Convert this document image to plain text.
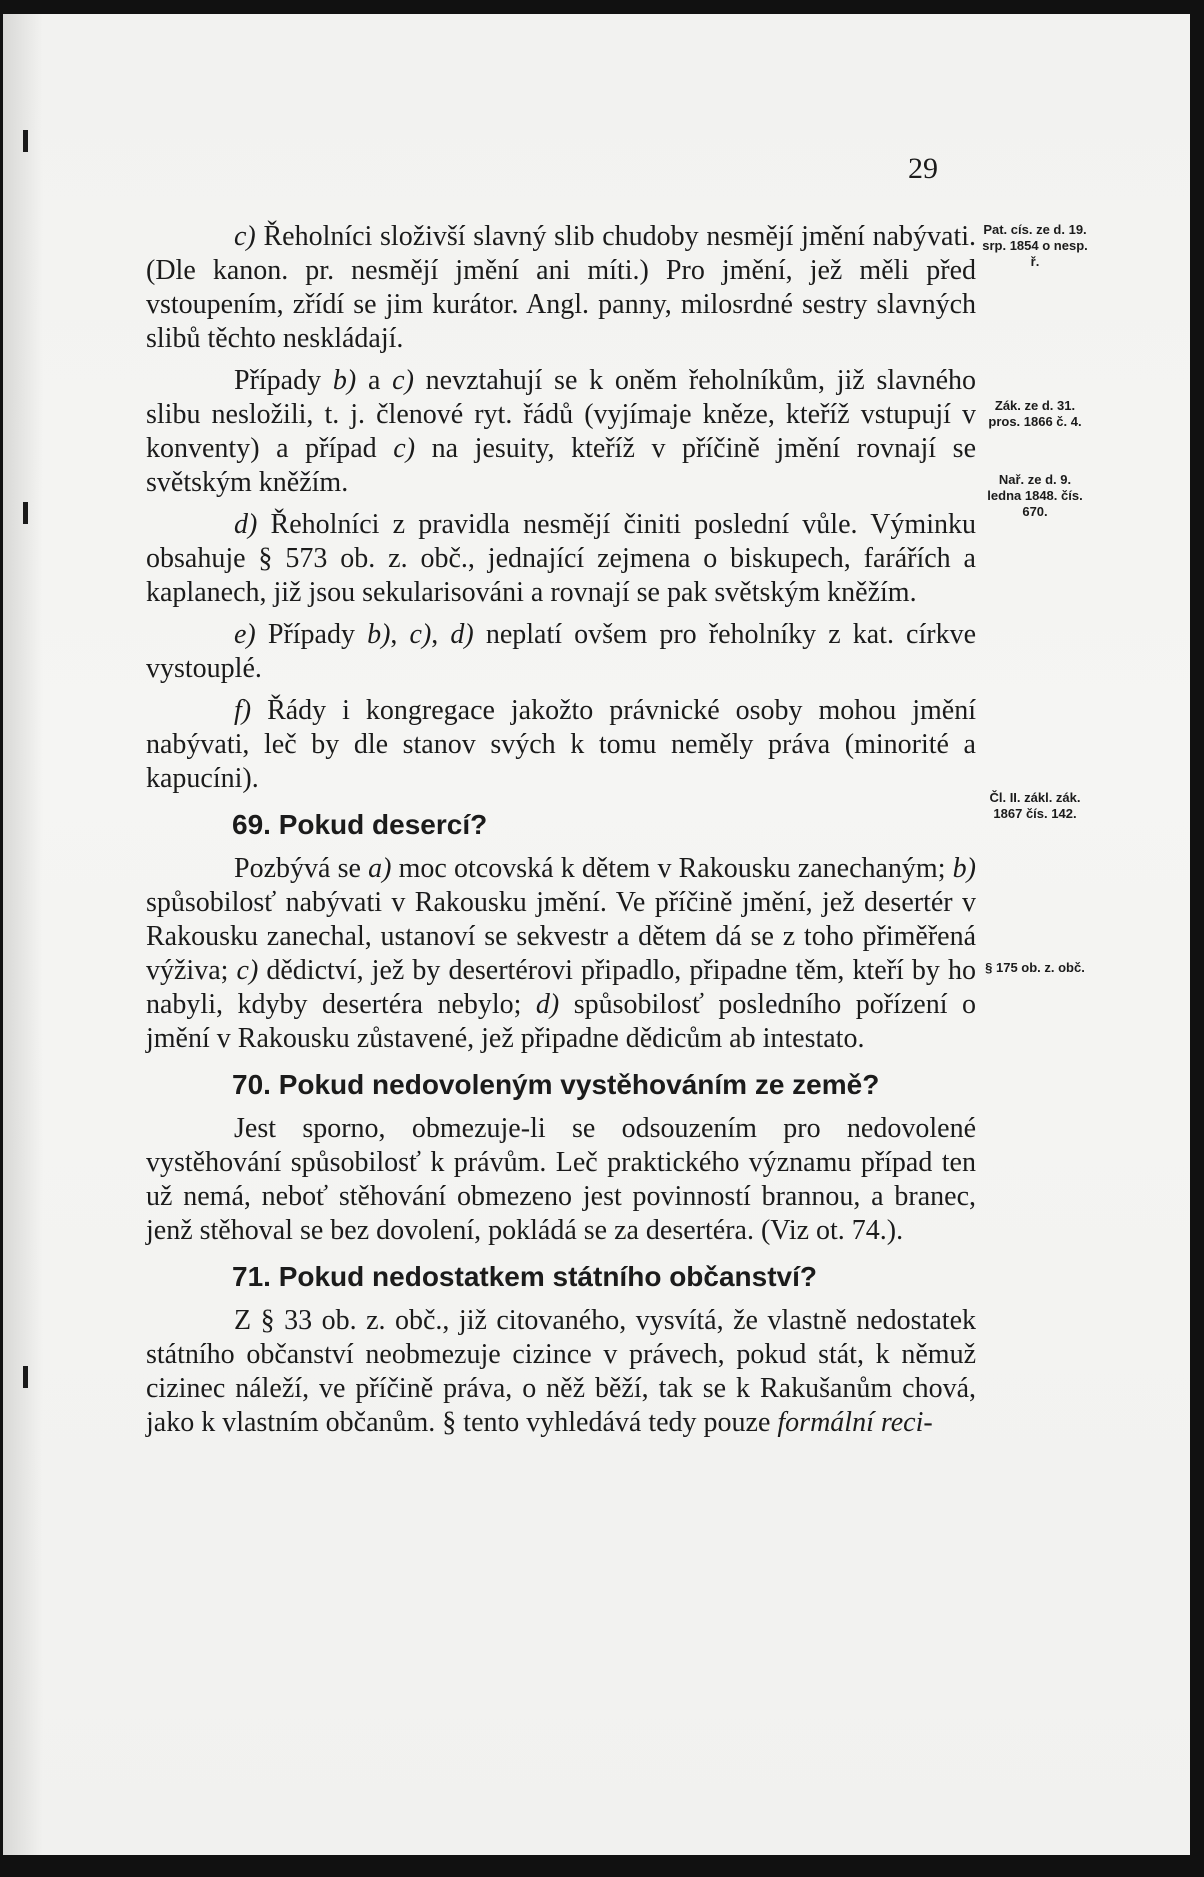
29

c) Řeholníci složivší slavný slib chudoby nesmějí jmění nabývati. (Dle kanon. pr. nesmějí jmění ani míti.) Pro jmění, jež měli před vstoupením, zřídí se jim kurátor. Angl. panny, milosrdné sestry slavných slibů těchto neskládají.

Případy b) a c) nevztahují se k oněm řeholníkům, již slavného slibu nesložili, t. j. členové ryt. řádů (vyjímaje kněze, kteříž vstupují v konventy) a případ c) na jesuity, kteříž v příčině jmění rovnají se světským kněžím.

d) Řeholníci z pravidla nesmějí činiti poslední vůle. Výminku obsahuje § 573 ob. z. obč., jednající zejmena o biskupech, farářích a kaplanech, již jsou sekularisováni a rovnají se pak světským kněžím.

e) Případy b), c), d) neplatí ovšem pro řeholníky z kat. církve vystouplé.

f) Řády i kongregace jakožto právnické osoby mohou jmění nabývati, leč by dle stanov svých k tomu neměly práva (minorité a kapucíni).

69. Pokud desercí?

Pozbývá se a) moc otcovská k dětem v Rakousku zanechaným; b) spůsobilosť nabývati v Rakousku jmění. Ve příčině jmění, jež desertér v Rakousku zanechal, ustanoví se sekvestr a dětem dá se z toho přiměřená výživa; c) dědictví, jež by desertérovi připadlo, připadne těm, kteří by ho nabyli, kdyby desertéra nebylo; d) spůsobilosť posledního pořízení o jmění v Rakousku zůstavené, jež připadne dědicům ab intestato.

70. Pokud nedovoleným vystěhováním ze země?

Jest sporno, obmezuje-li se odsouzením pro nedovolené vystěhování spůsobilosť k právům. Leč praktického významu případ ten už nemá, neboť stěhování obmezeno jest povinností brannou, a branec, jenž stěhoval se bez dovolení, pokládá se za desertéra. (Viz ot. 74.).

71. Pokud nedostatkem státního občanství?

Z § 33 ob. z. obč., již citovaného, vysvítá, že vlastně nedostatek státního občanství neobmezuje cizince v právech, pokud stát, k němuž cizinec náleží, ve příčině práva, o něž běží, tak se k Rakušanům chová, jako k vlastním občanům. § tento vyhledává tedy pouze formální reci-

Pat. cís. ze d. 19. srp. 1854 o nesp. ř.
Zák. ze d. 31. pros. 1866 č. 4.
Nař. ze d. 9. ledna 1848. čís. 670.
Čl. II. zákl. zák. 1867 čís. 142.
§ 175 ob. z. obč.
